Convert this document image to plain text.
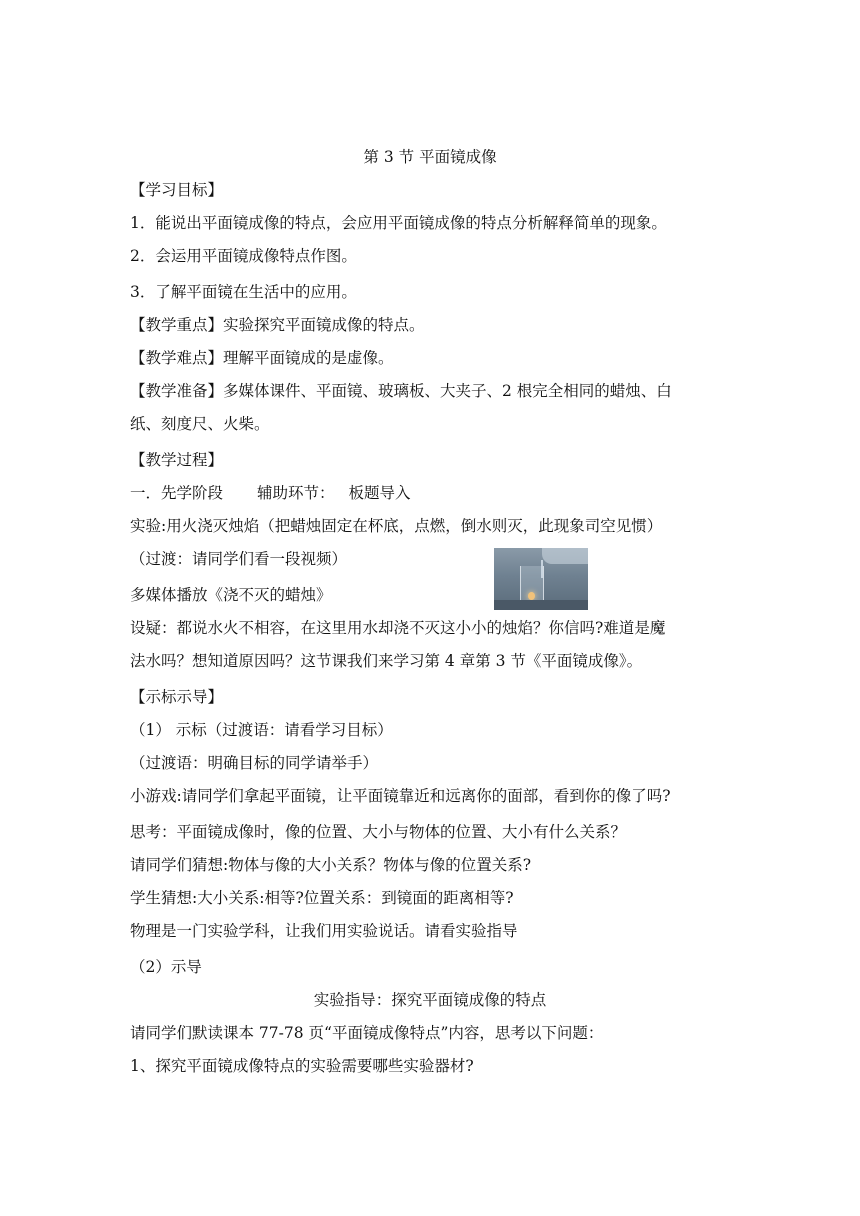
第 3 节 平面镜成像
【学习目标】
1．能说出平面镜成像的特点，会应用平面镜成像的特点分析解释简单的现象。
2．会运用平面镜成像特点作图。
3．了解平面镜在生活中的应用。
【教学重点】实验探究平面镜成像的特点。
【教学难点】理解平面镜成的是虚像。
【教学准备】多媒体课件、平面镜、玻璃板、大夹子、2 根完全相同的蜡烛、白
纸、刻度尺、火柴。
【教学过程】
一．先学阶段 辅助环节： 板题导入
实验:用火浇灭烛焰（把蜡烛固定在杯底，点燃，倒水则灭，此现象司空见惯）
（过渡：请同学们看一段视频）
多媒体播放《浇不灭的蜡烛》
设疑：都说水火不相容，在这里用水却浇不灭这小小的烛焰？你信吗?难道是魔
法水吗？想知道原因吗？这节课我们来学习第 4 章第 3 节《平面镜成像》。
【示标示导】
（1） 示标（过渡语：请看学习目标）
（过渡语：明确目标的同学请举手）
小游戏:请同学们拿起平面镜，让平面镜靠近和远离你的面部，看到你的像了吗?
思考：平面镜成像时，像的位置、大小与物体的位置、大小有什么关系？
请同学们猜想:物体与像的大小关系？物体与像的位置关系?
学生猜想:大小关系:相等?位置关系：到镜面的距离相等?
物理是一门实验学科，让我们用实验说话。请看实验指导
（2）示导
实验指导：探究平面镜成像的特点
请同学们默读课本 77-78 页“平面镜成像特点”内容，思考以下问题：
1、探究平面镜成像特点的实验需要哪些实验器材?
